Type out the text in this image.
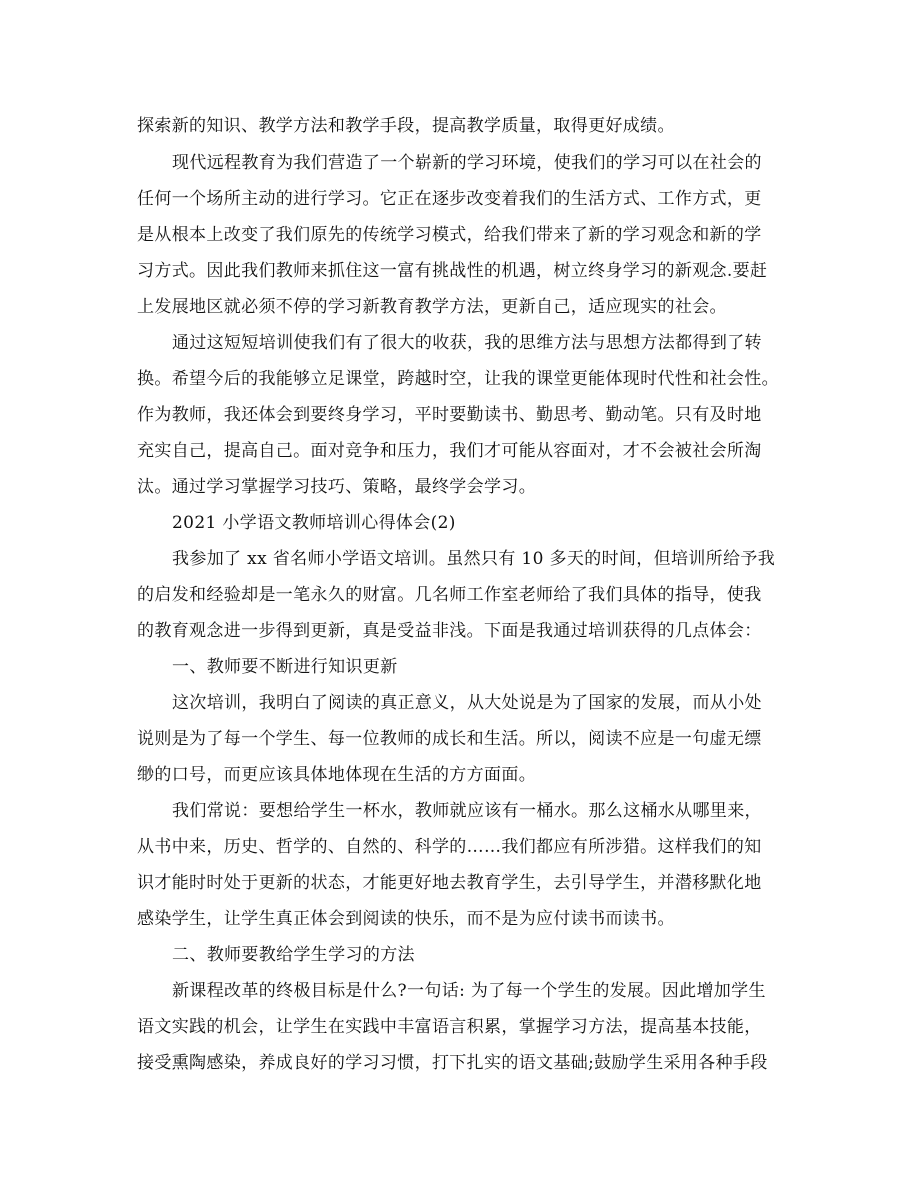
探索新的知识、教学方法和教学手段，提高教学质量，取得更好成绩。
现代远程教育为我们营造了一个崭新的学习环境，使我们的学习可以在社会的
任何一个场所主动的进行学习。它正在逐步改变着我们的生活方式、工作方式，更
是从根本上改变了我们原先的传统学习模式，给我们带来了新的学习观念和新的学
习方式。因此我们教师来抓住这一富有挑战性的机遇，树立终身学习的新观念.要赶
上发展地区就必须不停的学习新教育教学方法，更新自己，适应现实的社会。
通过这短短培训使我们有了很大的收获，我的思维方法与思想方法都得到了转
换。希望今后的我能够立足课堂，跨越时空，让我的课堂更能体现时代性和社会性。
作为教师，我还体会到要终身学习，平时要勤读书、勤思考、勤动笔。只有及时地
充实自己，提高自己。面对竞争和压力，我们才可能从容面对，才不会被社会所淘
汰。通过学习掌握学习技巧、策略，最终学会学习。
2021 小学语文教师培训心得体会(2)
我参加了 xx 省名师小学语文培训。虽然只有 10 多天的时间，但培训所给予我
的启发和经验却是一笔永久的财富。几名师工作室老师给了我们具体的指导，使我
的教育观念进一步得到更新，真是受益非浅。下面是我通过培训获得的几点体会：
一、教师要不断进行知识更新
这次培训，我明白了阅读的真正意义，从大处说是为了国家的发展，而从小处
说则是为了每一个学生、每一位教师的成长和生活。所以，阅读不应是一句虚无缥
缈的口号，而更应该具体地体现在生活的方方面面。
我们常说：要想给学生一杯水，教师就应该有一桶水。那么这桶水从哪里来，
从书中来，历史、哲学的、自然的、科学的……我们都应有所涉猎。这样我们的知
识才能时时处于更新的状态，才能更好地去教育学生，去引导学生，并潜移默化地
感染学生，让学生真正体会到阅读的快乐，而不是为应付读书而读书。
二、教师要教给学生学习的方法
新课程改革的终极目标是什么?一句话: 为了每一个学生的发展。因此增加学生
语文实践的机会，让学生在实践中丰富语言积累，掌握学习方法，提高基本技能，
接受熏陶感染，养成良好的学习习惯，打下扎实的语文基础;鼓励学生采用各种手段
